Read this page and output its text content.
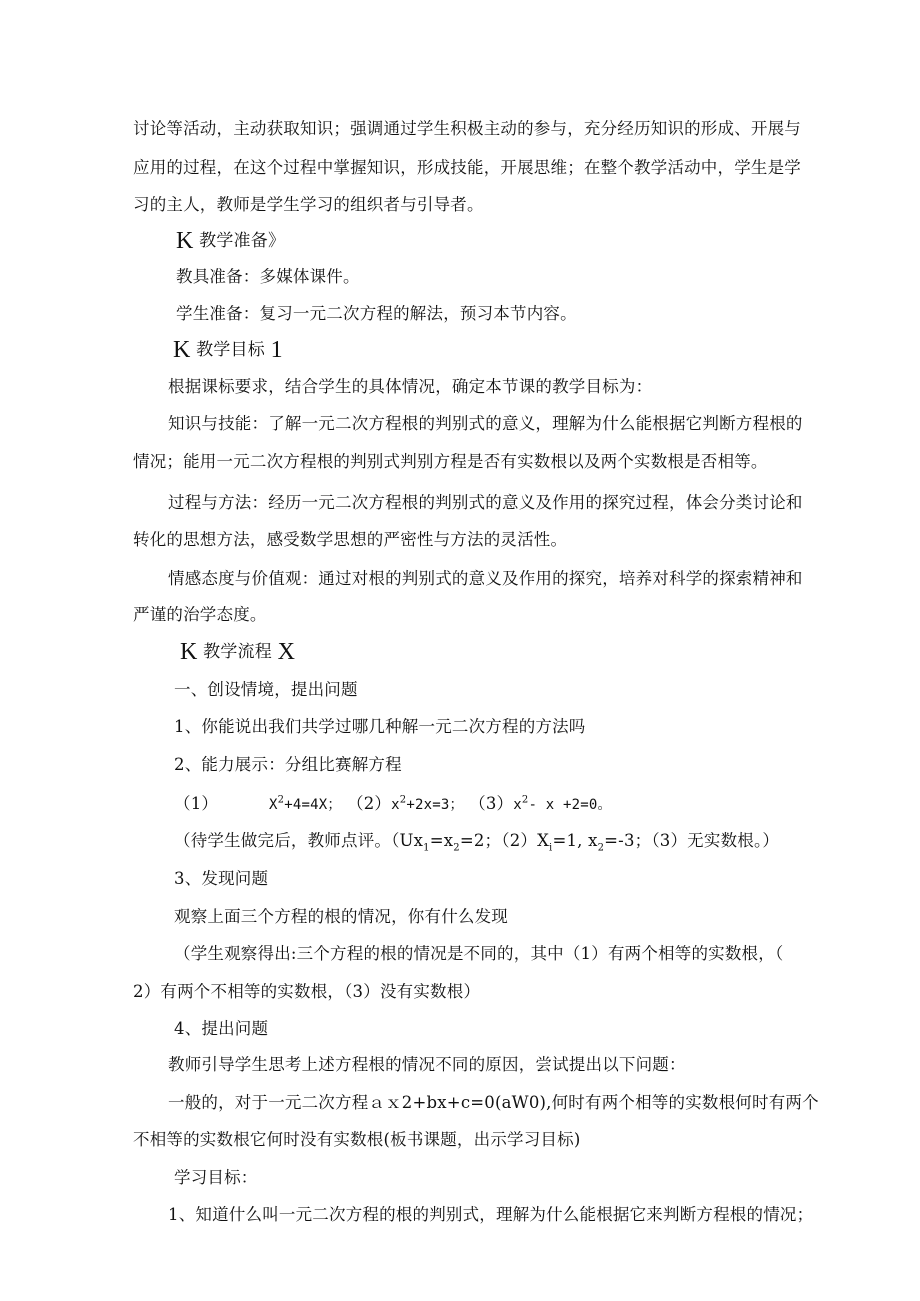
讨论等活动，主动获取知识；强调通过学生积极主动的参与，充分经历知识的形成、开展与
应用的过程，在这个过程中掌握知识，形成技能，开展思维；在整个教学活动中，学生是学
习的主人，教师是学生学习的组织者与引导者。
K 教学准备》
教具准备：多媒体课件。
学生准备：复习一元二次方程的解法，预习本节内容。
K 教学目标 1
根据课标要求，结合学生的具体情况，确定本节课的教学目标为：
知识与技能：了解一元二次方程根的判别式的意义，理解为什么能根据它判断方程根的
情况；能用一元二次方程根的判别式判别方程是否有实数根以及两个实数根是否相等。
过程与方法：经历一元二次方程根的判别式的意义及作用的探究过程，体会分类讨论和
转化的思想方法，感受数学思想的严密性与方法的灵活性。
情感态度与价值观：通过对根的判别式的意义及作用的探究，培养对科学的探索精神和
严谨的治学态度。
K 教学流程 X
一、创设情境，提出问题
1、你能说出我们共学过哪几种解一元二次方程的方法吗
2、能力展示：分组比赛解方程
（1）	$X^2+4=4X$； $(2)x^2+2x=3$； $(3)x^2-$ x +2=0。
（待学生做完后，教师点评。（$Ux_1=x_2=2$；$(2)X_i=1$, $x_2=-3$；（3）无实数根。）
3、发现问题
观察上面三个方程的根的情况，你有什么发现
（学生观察得出:三个方程的根的情况是不同的，其中（1）有两个相等的实数根，（
2）有两个不相等的实数根，（3）没有实数根）
4、提出问题
教师引导学生思考上述方程根的情况不同的原因，尝试提出以下问题：
一般的，对于一元二次方程ａｘ2+bx+c=0(aW0),何时有两个相等的实数根何时有两个
不相等的实数根它何时没有实数根(板书课题，出示学习目标)
学习目标：
1、知道什么叫一元二次方程的根的判别式，理解为什么能根据它来判断方程根的情况；
